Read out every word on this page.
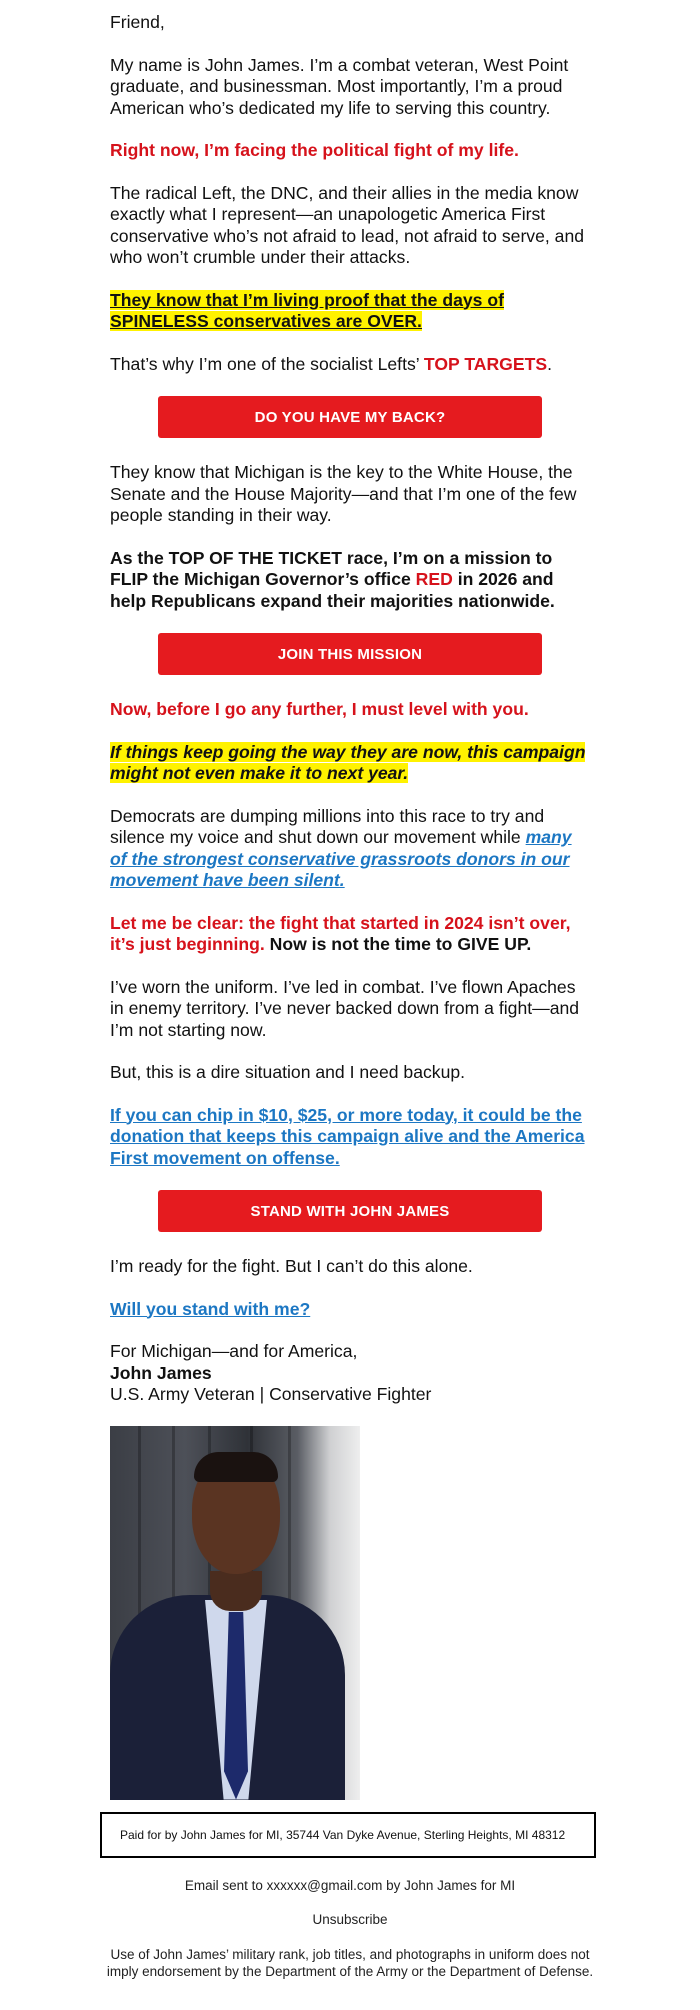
Friend,

My name is John James. I’m a combat veteran, West Point graduate, and businessman. Most importantly, I’m a proud American who’s dedicated my life to serving this country.

Right now, I’m facing the political fight of my life.

The radical Left, the DNC, and their allies in the media know exactly what I represent—an unapologetic America First conservative who’s not afraid to lead, not afraid to serve, and who won’t crumble under their attacks.

They know that I’m living proof that the days of SPINELESS conservatives are OVER.

That’s why I’m one of the socialist Lefts’ TOP TARGETS.

DO YOU HAVE MY BACK?

They know that Michigan is the key to the White House, the Senate and the House Majority—and that I’m one of the few people standing in their way.

As the TOP OF THE TICKET race, I’m on a mission to FLIP the Michigan Governor’s office RED in 2026 and help Republicans expand their majorities nationwide.

JOIN THIS MISSION

Now, before I go any further, I must level with you.

If things keep going the way they are now, this campaign might not even make it to next year.

Democrats are dumping millions into this race to try and silence my voice and shut down our movement while many of the strongest conservative grassroots donors in our movement have been silent.

Let me be clear: the fight that started in 2024 isn’t over, it’s just beginning. Now is not the time to GIVE UP.

I’ve worn the uniform. I’ve led in combat. I’ve flown Apaches in enemy territory. I’ve never backed down from a fight—and I’m not starting now.

But, this is a dire situation and I need backup.

If you can chip in $10, $25, or more today, it could be the donation that keeps this campaign alive and the America First movement on offense.

STAND WITH JOHN JAMES

I’m ready for the fight. But I can’t do this alone.

Will you stand with me?

For Michigan—and for America,

John James

U.S. Army Veteran | Conservative Fighter

Paid for by John James for MI, 35744 Van Dyke Avenue, Sterling Heights, MI 48312
Email sent to xxxxxx@gmail.com by John James for MI
Unsubscribe
Use of John James’ military rank, job titles, and photographs in uniform does not imply endorsement by the Department of the Army or the Department of Defense.
